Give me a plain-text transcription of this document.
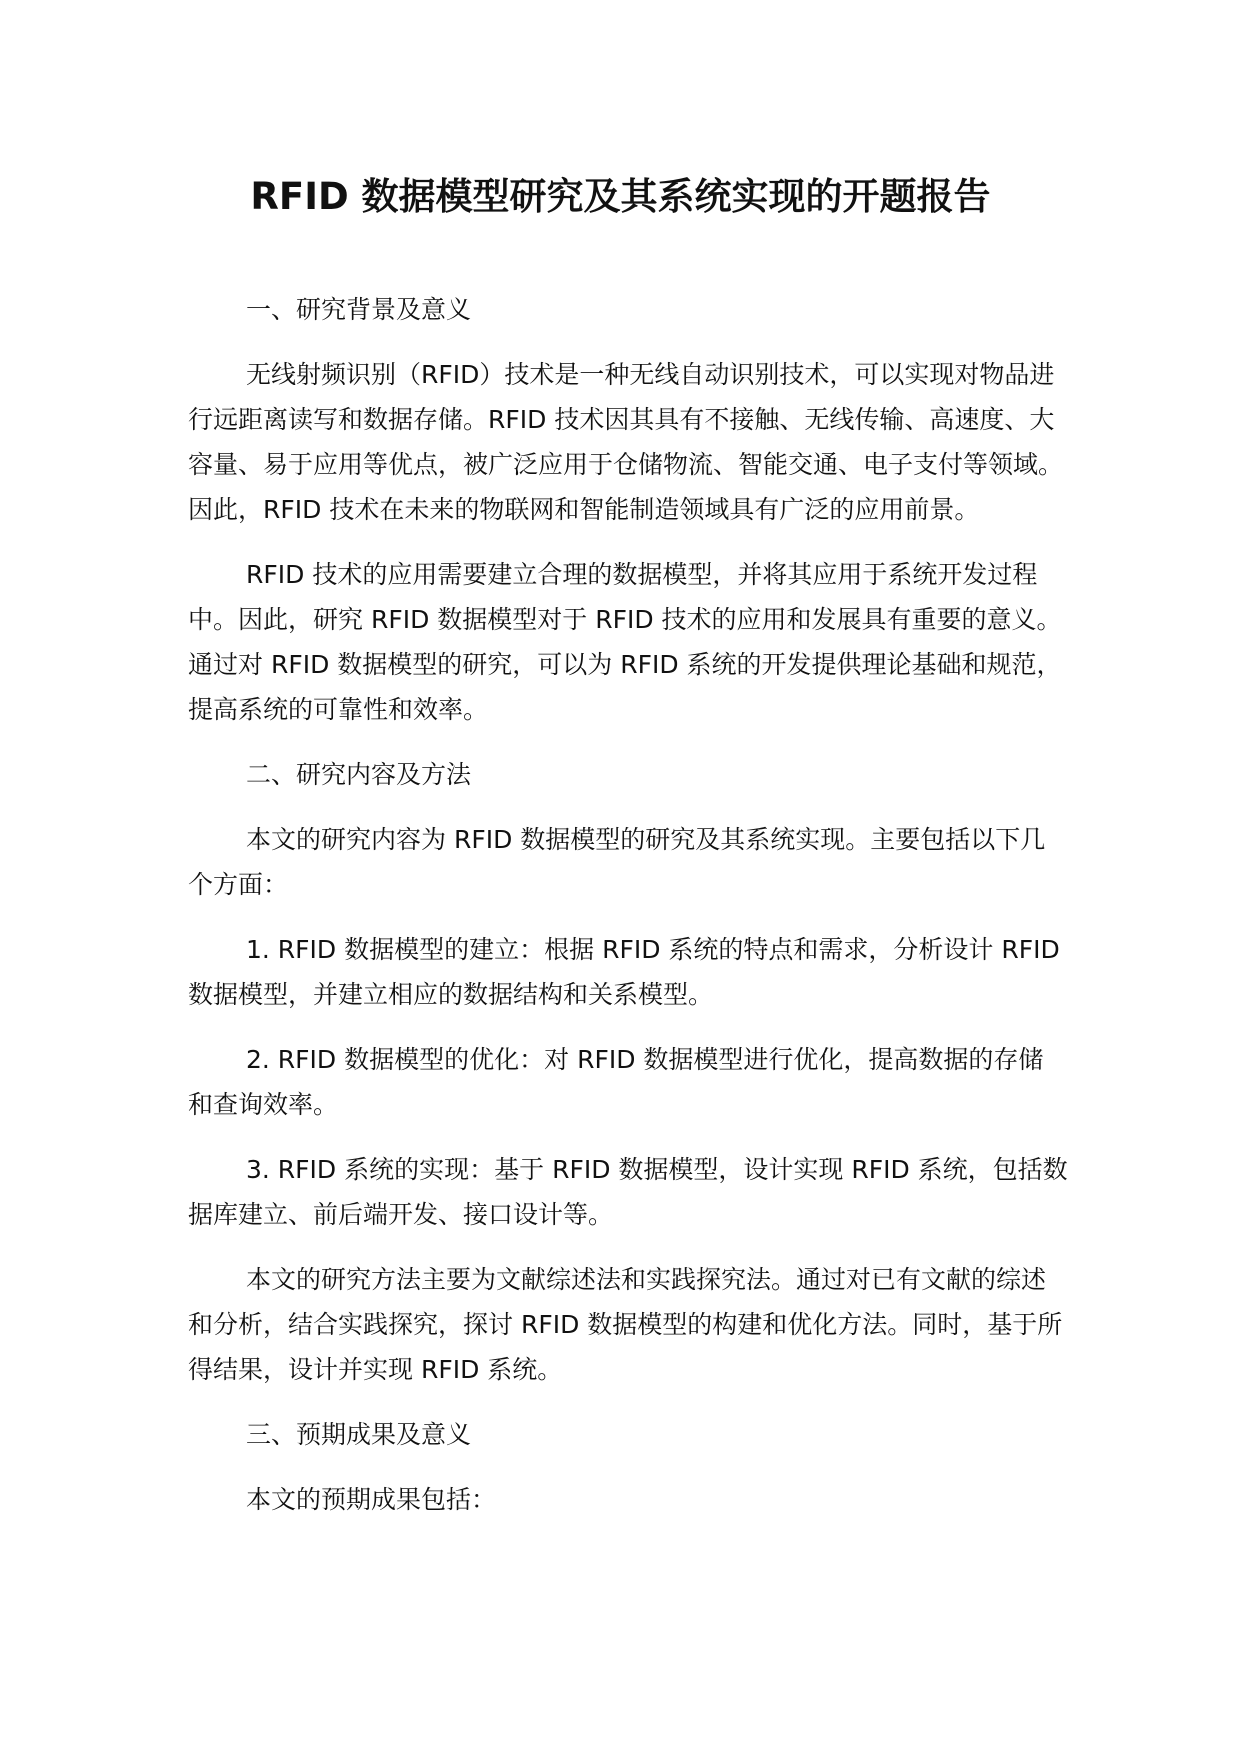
RFID 数据模型研究及其系统实现的开题报告

一、研究背景及意义

无线射频识别（RFID）技术是一种无线自动识别技术，可以实现对物品进行远距离读写和数据存储。RFID 技术因其具有不接触、无线传输、高速度、大容量、易于应用等优点，被广泛应用于仓储物流、智能交通、电子支付等领域。因此，RFID 技术在未来的物联网和智能制造领域具有广泛的应用前景。

RFID 技术的应用需要建立合理的数据模型，并将其应用于系统开发过程中。因此，研究 RFID 数据模型对于 RFID 技术的应用和发展具有重要的意义。通过对 RFID 数据模型的研究，可以为 RFID 系统的开发提供理论基础和规范，提高系统的可靠性和效率。

二、研究内容及方法

本文的研究内容为 RFID 数据模型的研究及其系统实现。主要包括以下几个方面：

1. RFID 数据模型的建立：根据 RFID 系统的特点和需求，分析设计 RFID 数据模型，并建立相应的数据结构和关系模型。

2. RFID 数据模型的优化：对 RFID 数据模型进行优化，提高数据的存储和查询效率。

3. RFID 系统的实现：基于 RFID 数据模型，设计实现 RFID 系统，包括数据库建立、前后端开发、接口设计等。

本文的研究方法主要为文献综述法和实践探究法。通过对已有文献的综述和分析，结合实践探究，探讨 RFID 数据模型的构建和优化方法。同时，基于所得结果，设计并实现 RFID 系统。

三、预期成果及意义

本文的预期成果包括：
